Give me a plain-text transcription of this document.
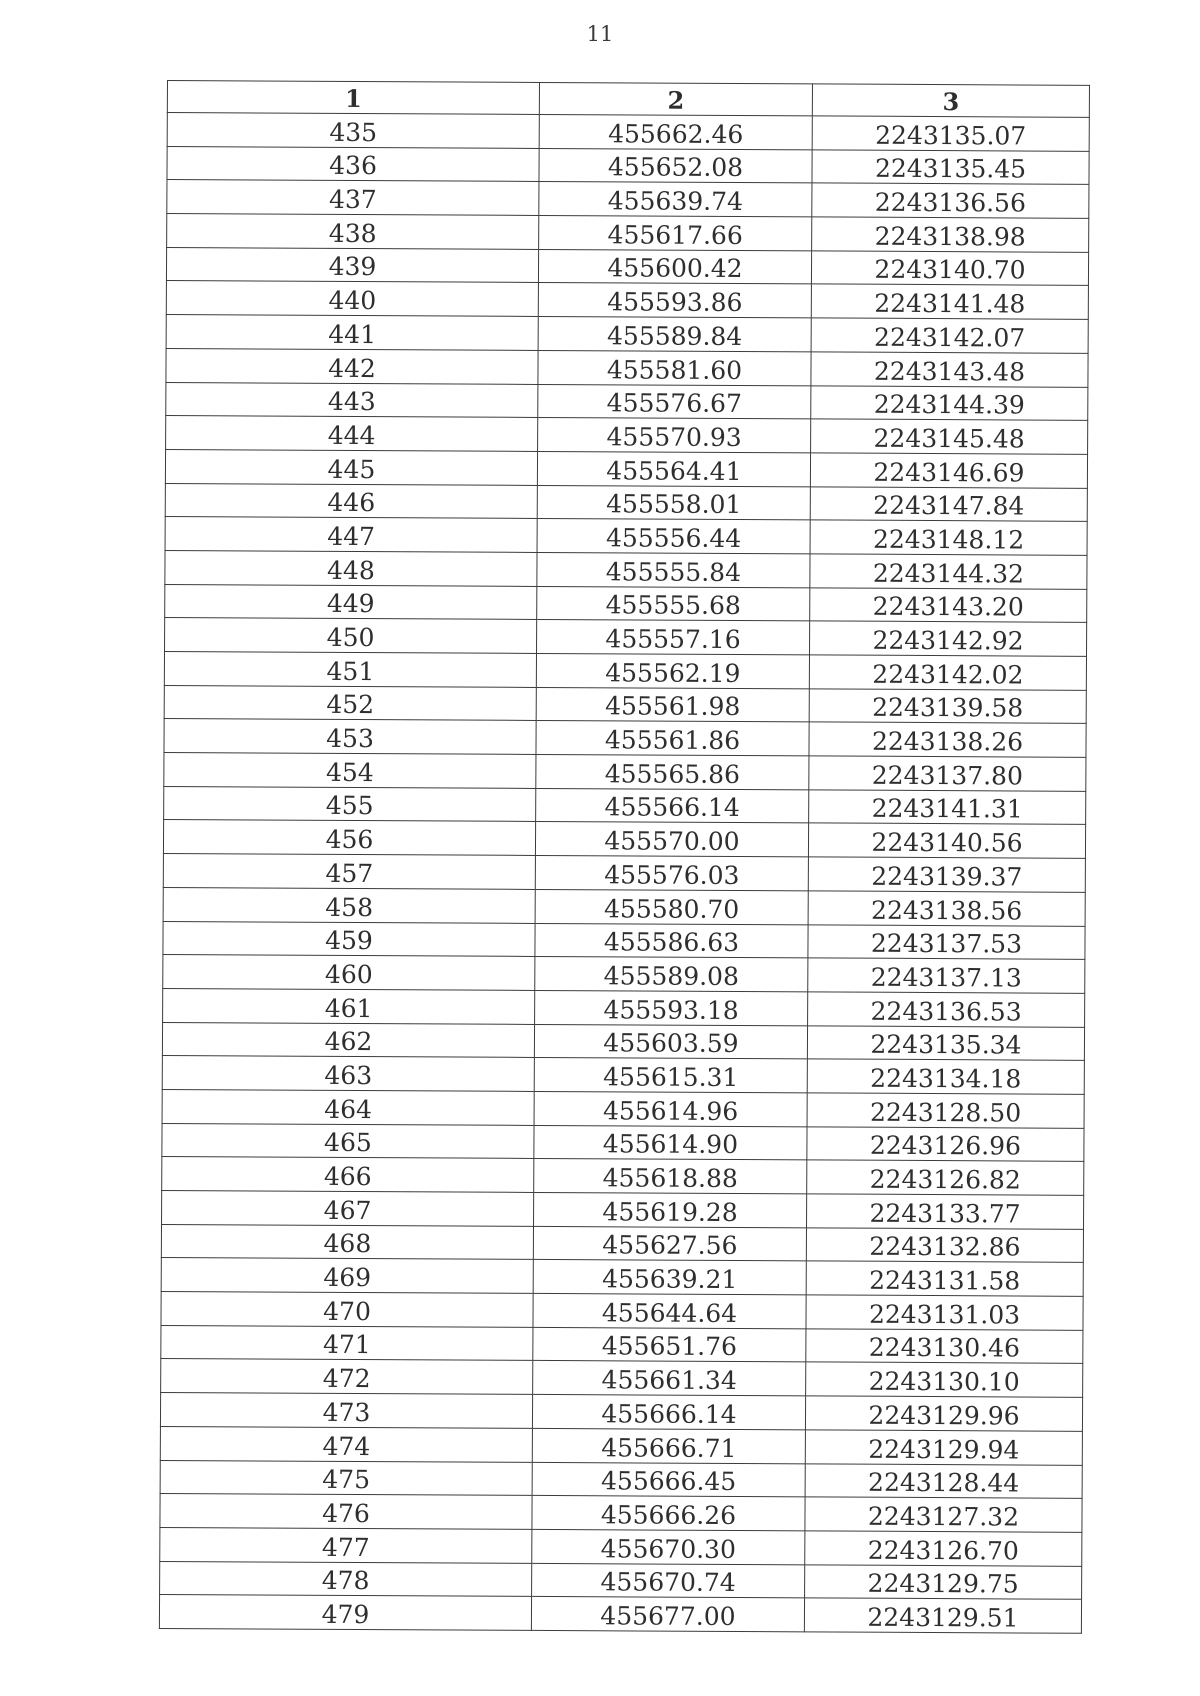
11
1	2	3
435	455662.46	2243135.07
436	455652.08	2243135.45
437	455639.74	2243136.56
438	455617.66	2243138.98
439	455600.42	2243140.70
440	455593.86	2243141.48
441	455589.84	2243142.07
442	455581.60	2243143.48
443	455576.67	2243144.39
444	455570.93	2243145.48
445	455564.41	2243146.69
446	455558.01	2243147.84
447	455556.44	2243148.12
448	455555.84	2243144.32
449	455555.68	2243143.20
450	455557.16	2243142.92
451	455562.19	2243142.02
452	455561.98	2243139.58
453	455561.86	2243138.26
454	455565.86	2243137.80
455	455566.14	2243141.31
456	455570.00	2243140.56
457	455576.03	2243139.37
458	455580.70	2243138.56
459	455586.63	2243137.53
460	455589.08	2243137.13
461	455593.18	2243136.53
462	455603.59	2243135.34
463	455615.31	2243134.18
464	455614.96	2243128.50
465	455614.90	2243126.96
466	455618.88	2243126.82
467	455619.28	2243133.77
468	455627.56	2243132.86
469	455639.21	2243131.58
470	455644.64	2243131.03
471	455651.76	2243130.46
472	455661.34	2243130.10
473	455666.14	2243129.96
474	455666.71	2243129.94
475	455666.45	2243128.44
476	455666.26	2243127.32
477	455670.30	2243126.70
478	455670.74	2243129.75
479	455677.00	2243129.51
